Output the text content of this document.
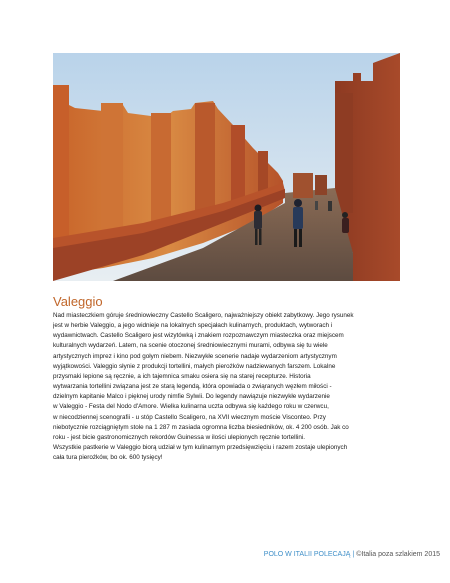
Valeggio
Nad miasteczkiem góruje średniowieczny Castello Scaligero, najważniejszy obiekt zabytkowy. Jego rysunek
jest w herbie Valeggio, a jego widnieje na lokalnych specjałach kulinarnych, produktach, wytworach i
wydawnictwach. Castello Scaligero jest wizytówką i znakiem rozpoznawczym miasteczka oraz miejscem
kulturalnych wydarzeń. Latem, na scenie otoczonej średniowiecznymi murami, odbywa się tu wiele
artystycznych imprez i kino pod gołym niebem. Niezwykłe scenerie nadaje wydarzeniom artystycznym
wyjątkowości. Valeggio słynie z produkcji tortellini, małych pierożków nadziewanych farszem. Lokalne
przysmaki lepione są ręcznie, a ich tajemnica smaku osiera się na starej recepturze. Historia
wytwarzania tortellini związana jest ze starą legendą, która opowiada o zwiąranych węzłem miłości -
dzielnym kapitanie Malco i pięknej urody nimfie Sylwii. Do legendy nawiązuje niezwykłe wydarzenie
w Valeggio - Festa del Nodo d'Amore. Wielka kulinarna uczta odbywa się każdego roku w czerwcu,
w niecodziennej scenografii - u stóp Castello Scaligero, na XVII wiecznym moście Visconteo. Przy
niebotycznie rozciągniętym stole na 1 287 m zasiada ogromna liczba biesiedników, ok. 4 200 osób. Jak co
roku - jest bicie gastronomicznych rekordów Guinessa w ilości ulepionych ręcznie tortellini.
Wszystkie pastkerie w Valeggio biorą udział w tym kulinarnym przedsięwzięciu i razem zostaje ulepionych
cała tura pierożków, bo ok. 600 tysięcy!
POLO W ITALII POLECAJĄ | ©Italia poza szlakiem 2015
